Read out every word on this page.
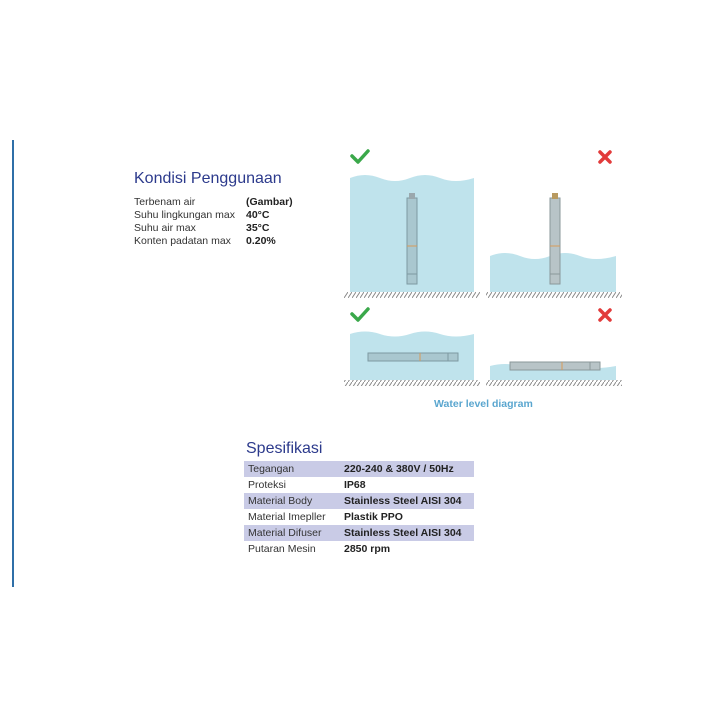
Kondisi Penggunaan
Terbenam air	(Gambar)
Suhu lingkungan max	40°C
Suhu air max	35°C
Konten padatan max	0.20%
Water level diagram
Spesifikasi
Tegangan	220-240 & 380V / 50Hz
Proteksi	IP68
Material Body	Stainless Steel AISI 304
Material Imepller	Plastik PPO
Material Difuser	Stainless Steel AISI 304
Putaran Mesin	2850 rpm
